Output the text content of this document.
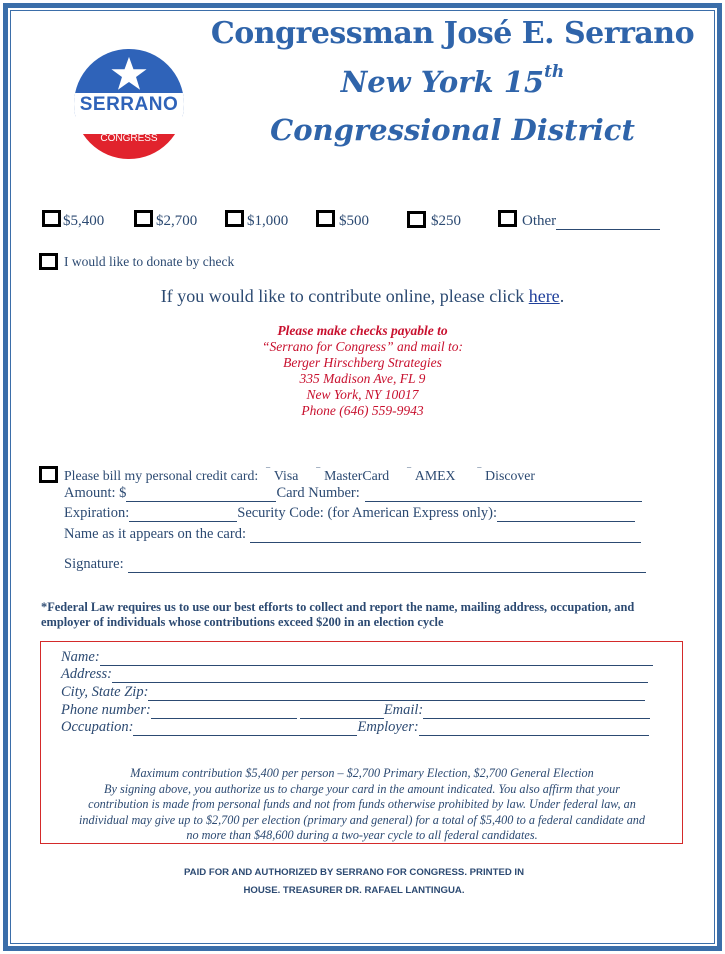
SERRANO
CONGRESS
Congressman José E. Serrano
New York 15th
Congressional District
$5,400	$2,700	$1,000	$500	$250	Other
I would like to donate by check
If you would like to contribute online, please click here.
Please make checks payable to
“Serrano for Congress” and mail to:
Berger Hirschberg Strategies
335 Madison Ave, FL 9
New York, NY 10017
Phone (646) 559-9943
Please bill my personal credit card: ‾ Visa ‾ MasterCard ‾ AMEX ‾ Discover
Amount: $	Card Number:
Expiration:	Security Code: (for American Express only):
Name as it appears on the card:
Signature:
*Federal Law requires us to use our best efforts to collect and report the name, mailing address, occupation, and employer of individuals whose contributions exceed $200 in an election cycle
Name:
Address:
City, State Zip:
Phone number:	Email:
Occupation:	Employer:
Maximum contribution $5,400 per person – $2,700 Primary Election, $2,700 General Election
By signing above, you authorize us to charge your card in the amount indicated. You also affirm that your
contribution is made from personal funds and not from funds otherwise prohibited by law. Under federal law, an
individual may give up to $2,700 per election (primary and general) for a total of $5,400 to a federal candidate and
no more than $48,600 during a two-year cycle to all federal candidates.
PAID FOR AND AUTHORIZED BY SERRANO FOR CONGRESS. PRINTED IN
HOUSE. TREASURER DR. RAFAEL LANTINGUA.
